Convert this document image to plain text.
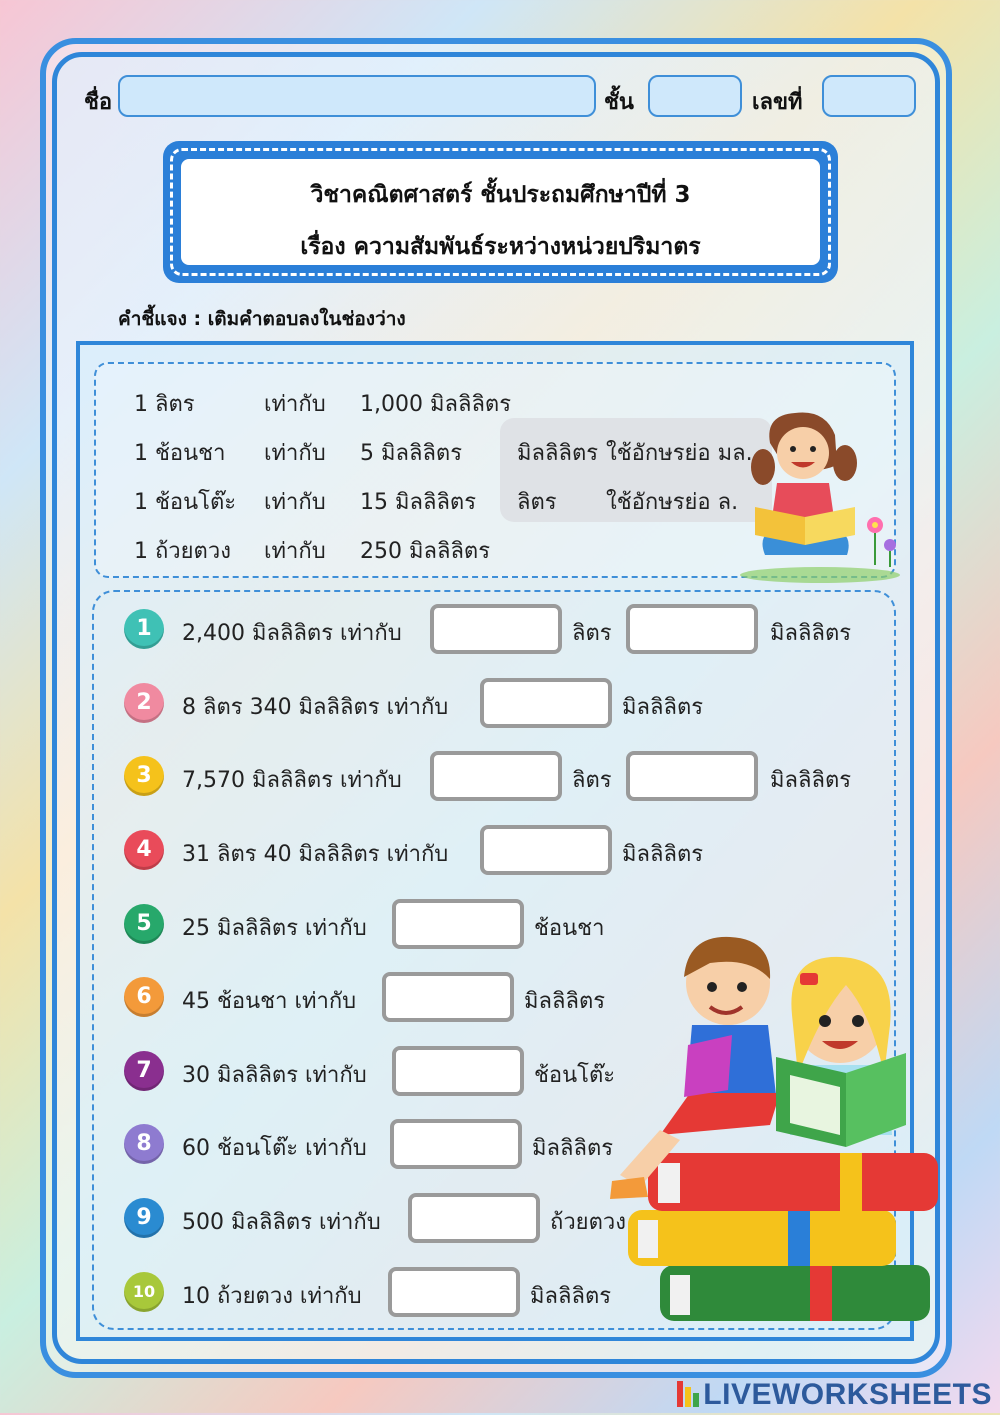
ชื่อ	ชั้น	เลขที่
วิชาคณิตศาสตร์ ชั้นประถมศึกษาปีที่ 3
เรื่อง ความสัมพันธ์ระหว่างหน่วยปริมาตร
คำชี้แจง : เติมคำตอบลงในช่องว่าง
1 ลิตร	เท่ากับ 1,000 มิลลิลิตร
1 ช้อนชา เท่ากับ 5 มิลลิลิตร
1 ช้อนโต๊ะ เท่ากับ 15 มิลลิลิตร
1 ถ้วยตวง เท่ากับ 250 มิลลิลิตร
มิลลิลิตร ใช้อักษรย่อ มล.
ลิตร ใช้อักษรย่อ ล.
1	2,400 มิลลิลิตร เท่ากับ	ลิตร	มิลลิลิตร
2	8 ลิตร 340 มิลลิลิตร เท่ากับ	มิลลิลิตร
3	7,570 มิลลิลิตร เท่ากับ	ลิตร	มิลลิลิตร
4	31 ลิตร 40 มิลลิลิตร เท่ากับ	มิลลิลิตร
5	25 มิลลิลิตร เท่ากับ	ช้อนชา
6	45 ช้อนชา เท่ากับ	มิลลิลิตร
7	30 มิลลิลิตร เท่ากับ	ช้อนโต๊ะ
8	60 ช้อนโต๊ะ เท่ากับ	มิลลิลิตร
9	500 มิลลิลิตร เท่ากับ	ถ้วยตวง
10	10 ถ้วยตวง เท่ากับ	มิลลิลิตร
LIVEWORKSHEETS
